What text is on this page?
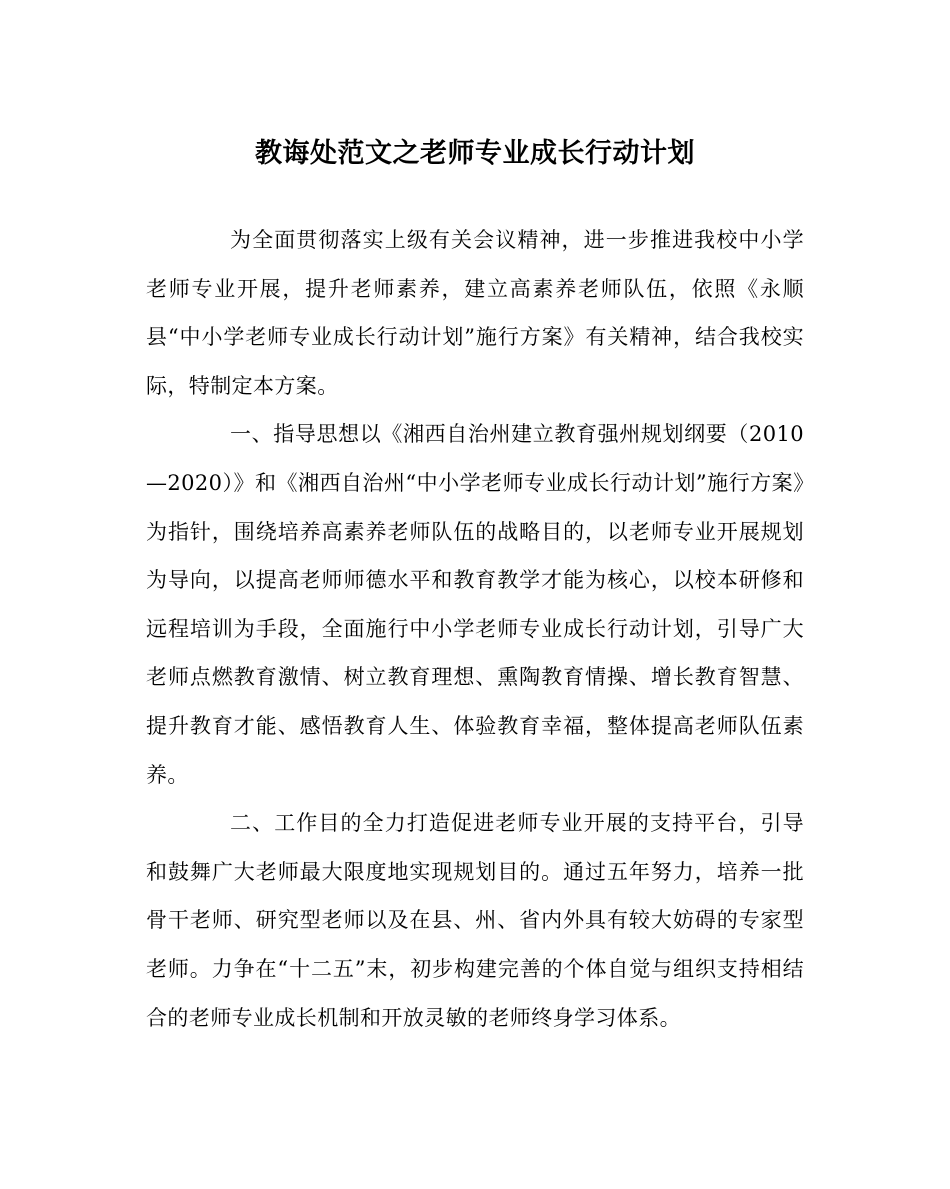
教诲处范文之老师专业成长行动计划

为全面贯彻落实上级有关会议精神，进一步推进我校中小学老师专业开展，提升老师素养，建立高素养老师队伍，依照《永顺县“中小学老师专业成长行动计划”施行方案》有关精神，结合我校实际，特制定本方案。

一、指导思想以《湘西自治州建立教育强州规划纲要（2010—2020）》和《湘西自治州“中小学老师专业成长行动计划”施行方案》为指针，围绕培养高素养老师队伍的战略目的，以老师专业开展规划为导向，以提高老师师德水平和教育教学才能为核心，以校本研修和远程培训为手段，全面施行中小学老师专业成长行动计划，引导广大老师点燃教育激情、树立教育理想、熏陶教育情操、增长教育智慧、提升教育才能、感悟教育人生、体验教育幸福，整体提高老师队伍素养。

二、工作目的全力打造促进老师专业开展的支持平台，引导和鼓舞广大老师最大限度地实现规划目的。通过五年努力，培养一批骨干老师、研究型老师以及在县、州、省内外具有较大妨碍的专家型老师。力争在“十二五”末，初步构建完善的个体自觉与组织支持相结合的老师专业成长机制和开放灵敏的老师终身学习体系。
